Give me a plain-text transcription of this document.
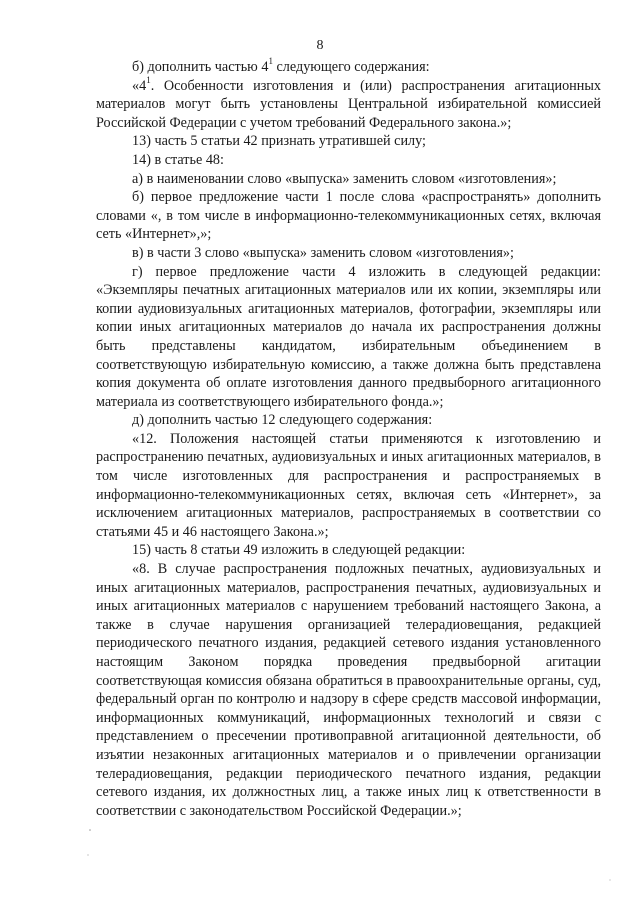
8

б) дополнить частью $4^1$ следующего содержания:

«$4^1$. Особенности изготовления и (или) распространения агитационных материалов могут быть установлены Центральной избирательной комиссией Российской Федерации с учетом требований Федерального закона.»;

13) часть 5 статьи 42 признать утратившей силу;

14) в статье 48:

а) в наименовании слово «выпуска» заменить словом «изготовления»;

б) первое предложение части 1 после слова «распространять» дополнить словами «, в том числе в информационно-телекоммуникационных сетях, включая сеть «Интернет»,»;

в) в части 3 слово «выпуска» заменить словом «изготовления»;

г) первое предложение части 4 изложить в следующей редакции: «Экземпляры печатных агитационных материалов или их копии, экземпляры или копии аудиовизуальных агитационных материалов, фотографии, экземпляры или копии иных агитационных материалов до начала их распространения должны быть представлены кандидатом, избирательным объединением в соответствующую избирательную комиссию, а также должна быть представлена копия документа об оплате изготовления данного предвыборного агитационного материала из соответствующего избирательного фонда.»;

д) дополнить частью 12 следующего содержания:

«12. Положения настоящей статьи применяются к изготовлению и распространению печатных, аудиовизуальных и иных агитационных материалов, в том числе изготовленных для распространения и распространяемых в информационно-телекоммуникационных сетях, включая сеть «Интернет», за исключением агитационных материалов, распространяемых в соответствии со статьями 45 и 46 настоящего Закона.»;

15) часть 8 статьи 49 изложить в следующей редакции:

«8. В случае распространения подложных печатных, аудиовизуальных и иных агитационных материалов, распространения печатных, аудиовизуальных и иных агитационных материалов с нарушением требований настоящего Закона, а также в случае нарушения организацией телерадиовещания, редакцией периодического печатного издания, редакцией сетевого издания установленного настоящим Законом порядка проведения предвыборной агитации соответствующая комиссия обязана обратиться в правоохранительные органы, суд, федеральный орган по контролю и надзору в сфере средств массовой информации, информационных коммуникаций, информационных технологий и связи с представлением о пресечении противоправной агитационной деятельности, об изъятии незаконных агитационных материалов и о привлечении организации телерадиовещания, редакции периодического печатного издания, редакции сетевого издания, их должностных лиц, а также иных лиц к ответственности в соответствии с законодательством Российской Федерации.»;
